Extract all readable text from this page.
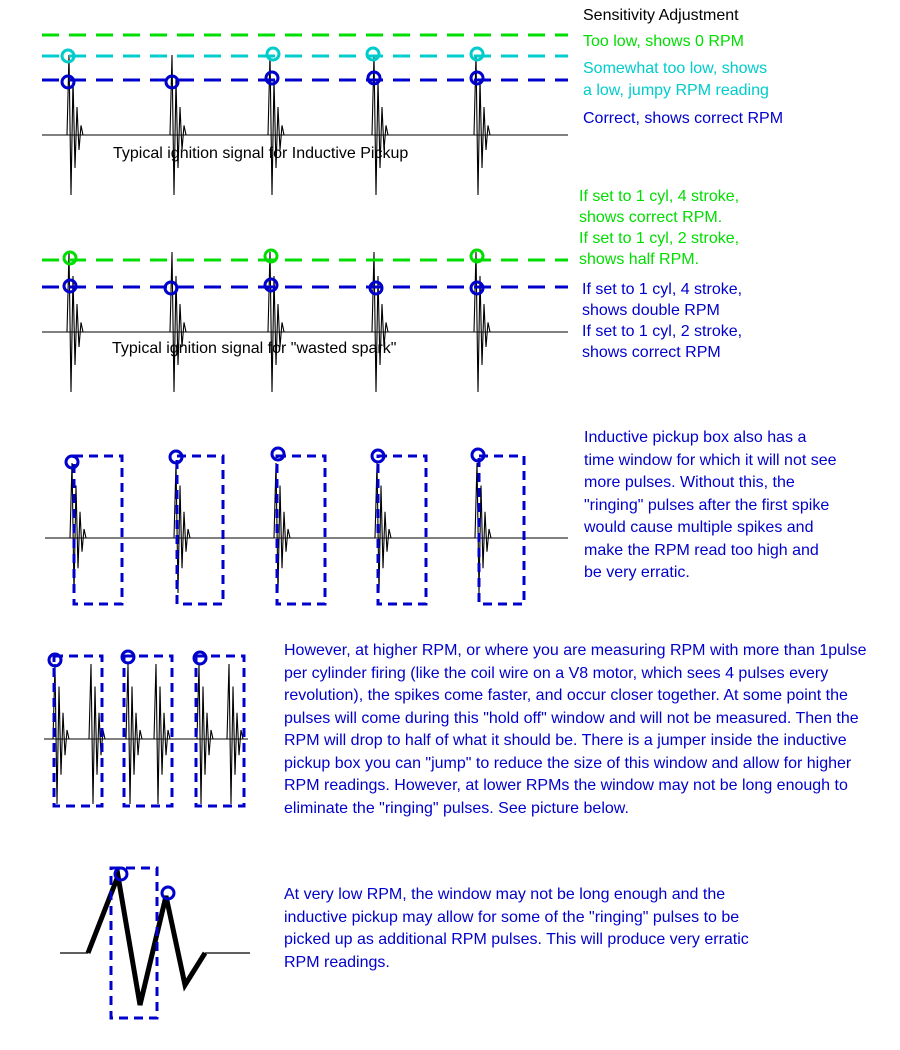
Sensitivity Adjustment
Too low, shows 0 RPM
Somewhat too low, shows
a low, jumpy RPM reading
Correct, shows correct RPM
Typical ignition signal for Inductive Pickup
If set to 1 cyl, 4 stroke,
shows correct RPM.
If set to 1 cyl, 2 stroke,
shows half RPM.
If set to 1 cyl, 4 stroke,
shows double RPM
If set to 1 cyl, 2 stroke,
shows correct RPM
Typical ignition signal for "wasted spark"
Inductive pickup box also has a time window for which it will not see more pulses. Without this, the "ringing" pulses after the first spike would cause multiple spikes and make the RPM read too high and be very erratic.
However, at higher RPM, or where you are measuring RPM with more than 1pulse per cylinder firing (like the coil wire on a V8 motor, which sees 4 pulses every revolution), the spikes come faster, and occur closer together. At some point the pulses will come during this "hold off" window and will not be measured. Then the RPM will drop to half of what it should be. There is a jumper inside the inductive pickup box you can "jump" to reduce the size of this window and allow for higher RPM readings. However, at lower RPMs the window may not be long enough to eliminate the "ringing" pulses. See picture below.
At very low RPM, the window may not be long enough and the inductive pickup may allow for some of the "ringing" pulses to be picked up as additional RPM pulses. This will produce very erratic RPM readings.
